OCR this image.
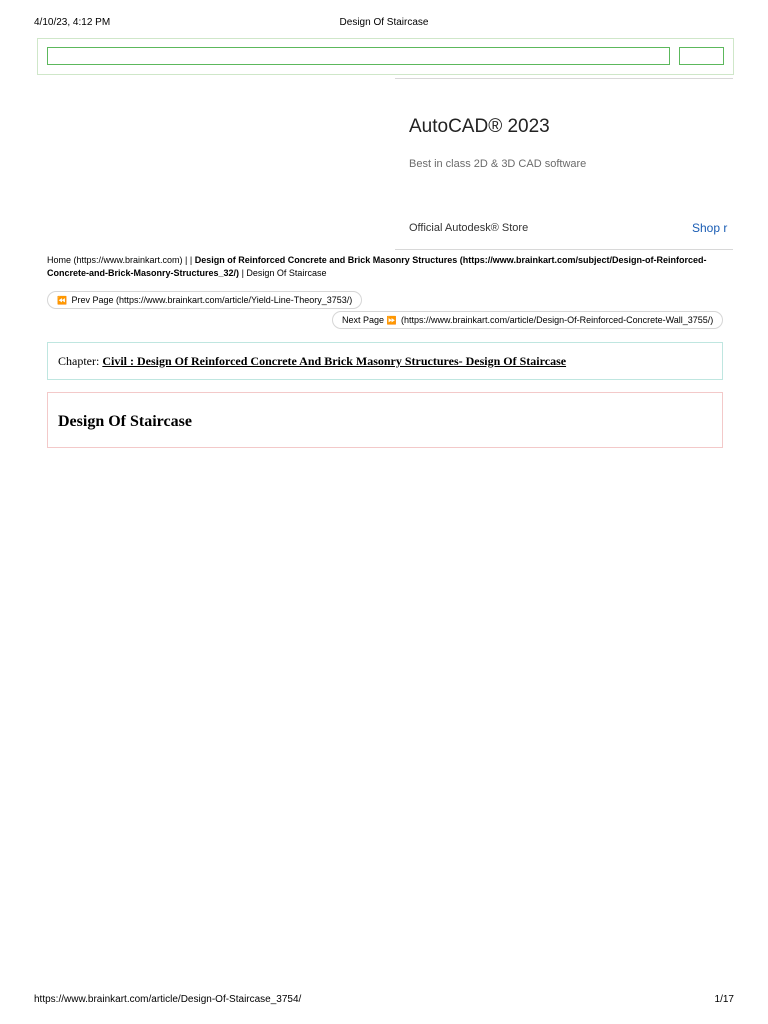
4/10/23, 4:12 PM	Design Of Staircase
AutoCAD® 2023
Best in class 2D & 3D CAD software
Official Autodesk® Store	Shop r
Home (https://www.brainkart.com) | | Design of Reinforced Concrete and Brick Masonry Structures (https://www.brainkart.com/subject/Design-of-Reinforced-Concrete-and-Brick-Masonry-Structures_32/) | Design Of Staircase
⏪ Prev Page (https://www.brainkart.com/article/Yield-Line-Theory_3753/)
Next Page ⏩ (https://www.brainkart.com/article/Design-Of-Reinforced-Concrete-Wall_3755/)
Chapter: Civil : Design Of Reinforced Concrete And Brick Masonry Structures- Design Of Staircase
Design Of Staircase
https://www.brainkart.com/article/Design-Of-Staircase_3754/	1/17
